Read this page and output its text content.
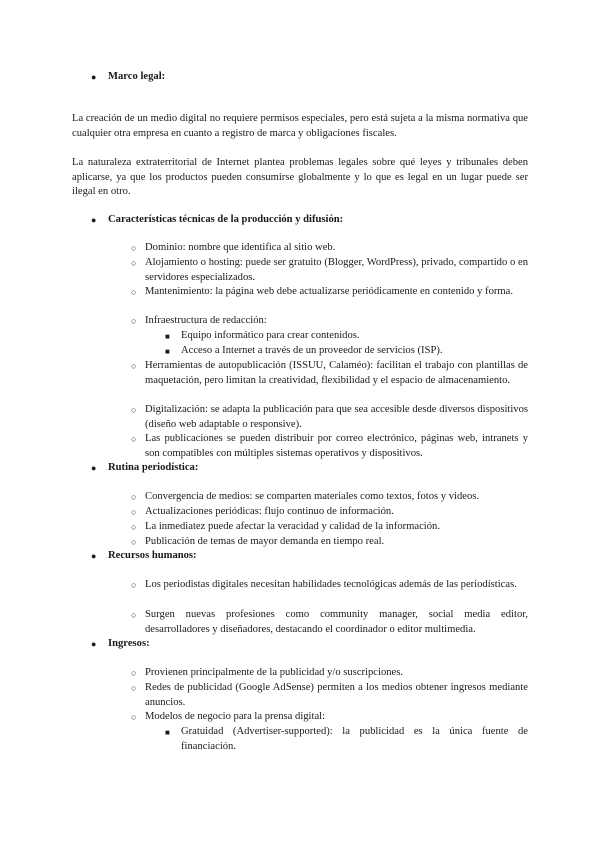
●	Marco legal:
La creación de un medio digital no requiere permisos especiales, pero está sujeta a la misma normativa que cualquier otra empresa en cuanto a registro de marca y obligaciones fiscales.
La naturaleza extraterritorial de Internet plantea problemas legales sobre qué leyes y tribunales deben aplicarse, ya que los productos pueden consumirse globalmente y lo que es legal en un lugar puede ser ilegal en otro.
●	Características técnicas de la producción y difusión:
○ Dominio: nombre que identifica al sitio web.
○ Alojamiento o hosting: puede ser gratuito (Blogger, WordPress), privado, compartido o en servidores especializados.
○ Mantenimiento: la página web debe actualizarse periódicamente en contenido y forma.
○ Infraestructura de redacción:
■ Equipo informático para crear contenidos.
■ Acceso a Internet a través de un proveedor de servicios (ISP).
○ Herramientas de autopublicación (ISSUU, Calaméo): facilitan el trabajo con plantillas de maquetación, pero limitan la creatividad, flexibilidad y el espacio de almacenamiento.
○ Digitalización: se adapta la publicación para que sea accesible desde diversos dispositivos (diseño web adaptable o responsive).
○ Las publicaciones se pueden distribuir por correo electrónico, páginas web, intranets y son compatibles con múltiples sistemas operativos y dispositivos.
●	Rutina periodística:
○ Convergencia de medios: se comparten materiales como textos, fotos y videos.
○ Actualizaciones periódicas: flujo continuo de información.
○ La inmediatez puede afectar la veracidad y calidad de la información.
○ Publicación de temas de mayor demanda en tiempo real.
●	Recursos humanos:
○ Los periodistas digitales necesitan habilidades tecnológicas además de las periodísticas.
○ Surgen nuevas profesiones como community manager, social media editor, desarrolladores y diseñadores, destacando el coordinador o editor multimedia.
●	Ingresos:
○ Provienen principalmente de la publicidad y/o suscripciones.
○ Redes de publicidad (Google AdSense) permiten a los medios obtener ingresos mediante anuncios.
○ Modelos de negocio para la prensa digital:
■ Gratuidad (Advertiser-supported): la publicidad es la única fuente de financiación.
